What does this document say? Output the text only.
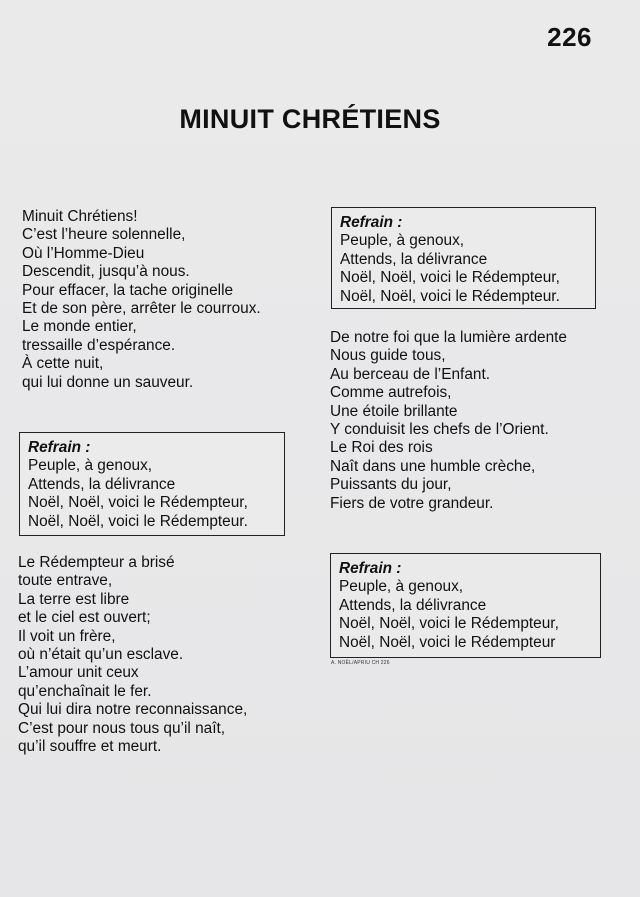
226
MINUIT CHRÉTIENS
Minuit Chrétiens!
C’est l’heure solennelle,
Où l’Homme-Dieu
Descendit, jusqu’à nous.
Pour effacer, la tache originelle
Et de son père, arrêter le courroux.
Le monde entier,
tressaille d’espérance.
À cette nuit,
qui lui donne un sauveur.
Refrain :
Peuple, à genoux,
Attends, la délivrance
Noël, Noël, voici le Rédempteur,
Noël, Noël, voici le Rédempteur.
Refrain :
Peuple, à genoux,
Attends, la délivrance
Noël, Noël, voici le Rédempteur,
Noël, Noël, voici le Rédempteur.
Le Rédempteur a brisé
toute entrave,
La terre est libre
et le ciel est ouvert;
Il voit un frère,
où n’était qu’un esclave.
L’amour unit ceux
qu’enchaînait le fer.
Qui lui dira notre reconnaissance,
C’est pour nous tous qu’il naît,
qu’il souffre et meurt.
De notre foi que la lumière ardente
Nous guide tous,
Au berceau de l’Enfant.
Comme autrefois,
Une étoile brillante
Y conduisit les chefs de l’Orient.
Le Roi des rois
Naît dans une humble crèche,
Puissants du jour,
Fiers de votre grandeur.
Refrain :
Peuple, à genoux,
Attends, la délivrance
Noël, Noël, voici le Rédempteur,
Noël, Noël, voici le Rédempteur
A. NOËL/APRIU CH 226
